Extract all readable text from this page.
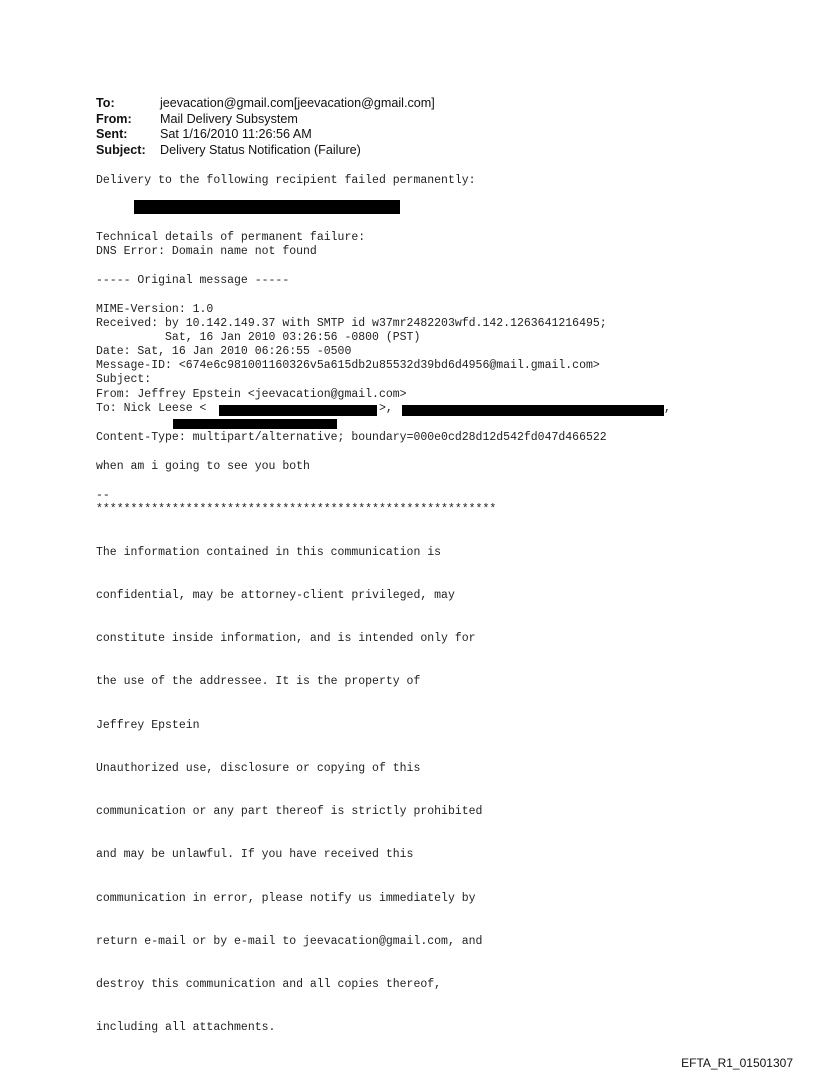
To:	jeevacation@gmail.com[jeevacation@gmail.com]
From:	Mail Delivery Subsystem
Sent:	Sat 1/16/2010 11:26:56 AM
Subject:	Delivery Status Notification (Failure)
Delivery to the following recipient failed permanently:
Technical details of permanent failure:
DNS Error: Domain name not found
----- Original message -----
MIME-Version: 1.0
Received: by 10.142.149.37 with SMTP id w37mr2482203wfd.142.1263641216495;
Sat, 16 Jan 2010 03:26:56 -0800 (PST)
Date: Sat, 16 Jan 2010 06:26:55 -0500
Message-ID: <674e6c981001160326v5a615db2u85532d39bd6d4956@mail.gmail.com>
Subject:
From: Jeffrey Epstein <jeevacation@gmail.com>
To: Nick Leese <	>,	,
Content-Type: multipart/alternative; boundary=000e0cd28d12d542fd047d466522
when am i going to see you both
--
**********************************************************

The information contained in this communication is

confidential, may be attorney-client privileged, may

constitute inside information, and is intended only for

the use of the addressee. It is the property of

Jeffrey Epstein

Unauthorized use, disclosure or copying of this

communication or any part thereof is strictly prohibited

and may be unlawful. If you have received this

communication in error, please notify us immediately by

return e-mail or by e-mail to jeevacation@gmail.com, and

destroy this communication and all copies thereof,

including all attachments.

EFTA_R1_01501307
